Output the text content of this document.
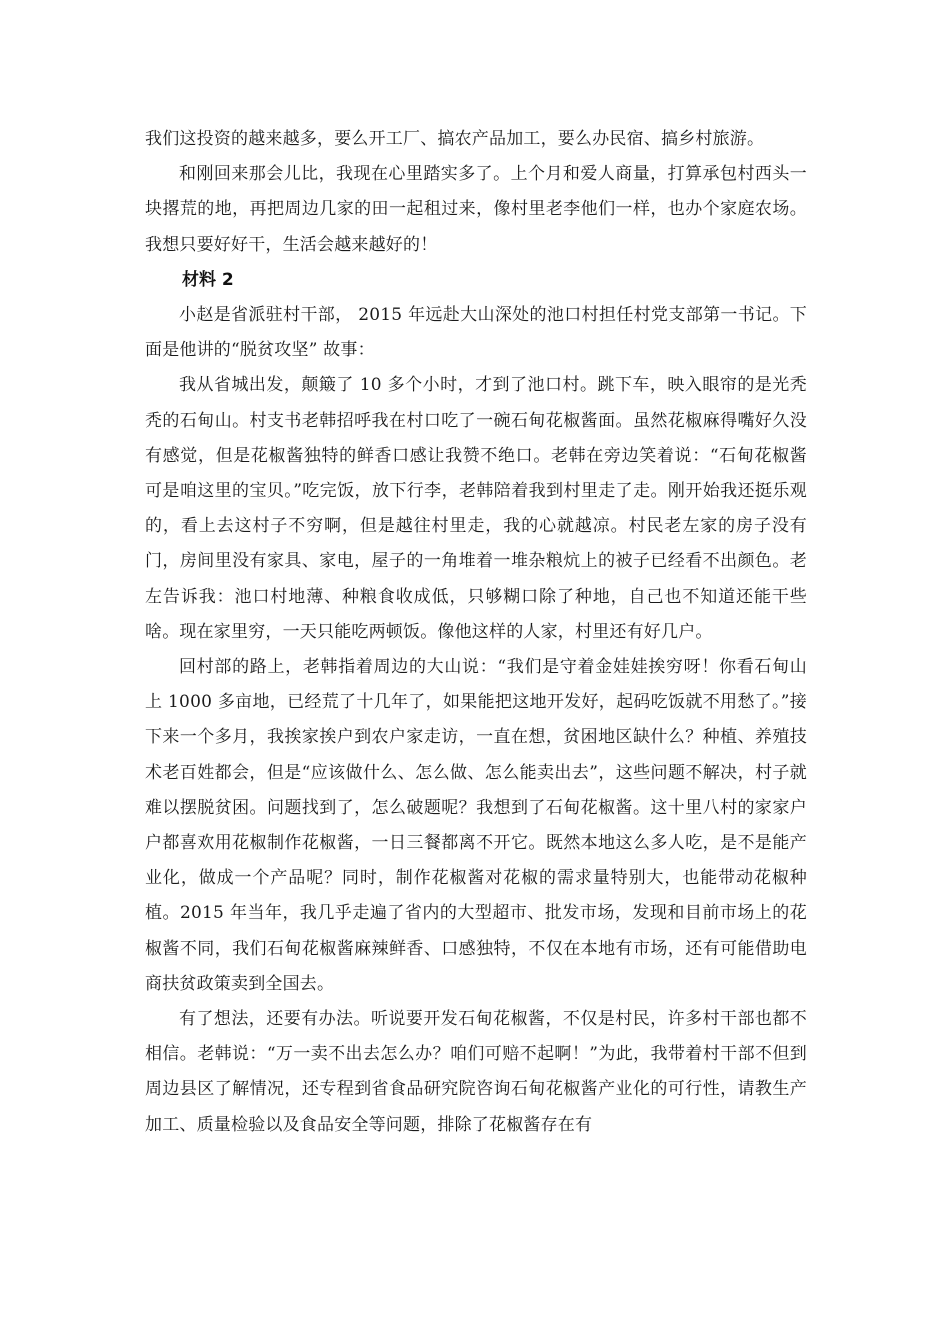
我们这投资的越来越多，要么开工厂、搞农产品加工，要么办民宿、搞乡村旅游。

和刚回来那会儿比，我现在心里踏实多了。上个月和爱人商量，打算承包村西头一块撂荒的地，再把周边几家的田一起租过来，像村里老李他们一样，也办个家庭农场。我想只要好好干，生活会越来越好的！

材料 2

小赵是省派驻村干部， 2015 年远赴大山深处的池口村担任村党支部第一书记。下面是他讲的“脱贫攻坚” 故事：

我从省城出发，颠簸了 10 多个小时，才到了池口村。跳下车，映入眼帘的是光秃秃的石甸山。村支书老韩招呼我在村口吃了一碗石甸花椒酱面。虽然花椒麻得嘴好久没有感觉，但是花椒酱独特的鲜香口感让我赞不绝口。老韩在旁边笑着说：“石甸花椒酱可是咱这里的宝贝。”吃完饭，放下行李，老韩陪着我到村里走了走。刚开始我还挺乐观的，看上去这村子不穷啊，但是越往村里走，我的心就越凉。村民老左家的房子没有门，房间里没有家具、家电，屋子的一角堆着一堆杂粮炕上的被子已经看不出颜色。老左告诉我：池口村地薄、种粮食收成低，只够糊口除了种地，自己也不知道还能干些啥。现在家里穷，一天只能吃两顿饭。像他这样的人家，村里还有好几户。

回村部的路上，老韩指着周边的大山说：“我们是守着金娃娃挨穷呀！你看石甸山上 1000 多亩地，已经荒了十几年了，如果能把这地开发好，起码吃饭就不用愁了。”接下来一个多月，我挨家挨户到农户家走访，一直在想，贫困地区缺什么？种植、养殖技术老百姓都会，但是“应该做什么、怎么做、怎么能卖出去”，这些问题不解决，村子就难以摆脱贫困。问题找到了，怎么破题呢？我想到了石甸花椒酱。这十里八村的家家户户都喜欢用花椒制作花椒酱，一日三餐都离不开它。既然本地这么多人吃，是不是能产业化，做成一个产品呢？同时，制作花椒酱对花椒的需求量特别大，也能带动花椒种植。2015 年当年，我几乎走遍了省内的大型超市、批发市场，发现和目前市场上的花椒酱不同，我们石甸花椒酱麻辣鲜香、口感独特，不仅在本地有市场，还有可能借助电商扶贫政策卖到全国去。

有了想法，还要有办法。听说要开发石甸花椒酱，不仅是村民，许多村干部也都不相信。老韩说：“万一卖不出去怎么办？咱们可赔不起啊！”为此，我带着村干部不但到周边县区了解情况，还专程到省食品研究院咨询石甸花椒酱产业化的可行性，请教生产加工、质量检验以及食品安全等问题，排除了花椒酱存在有
